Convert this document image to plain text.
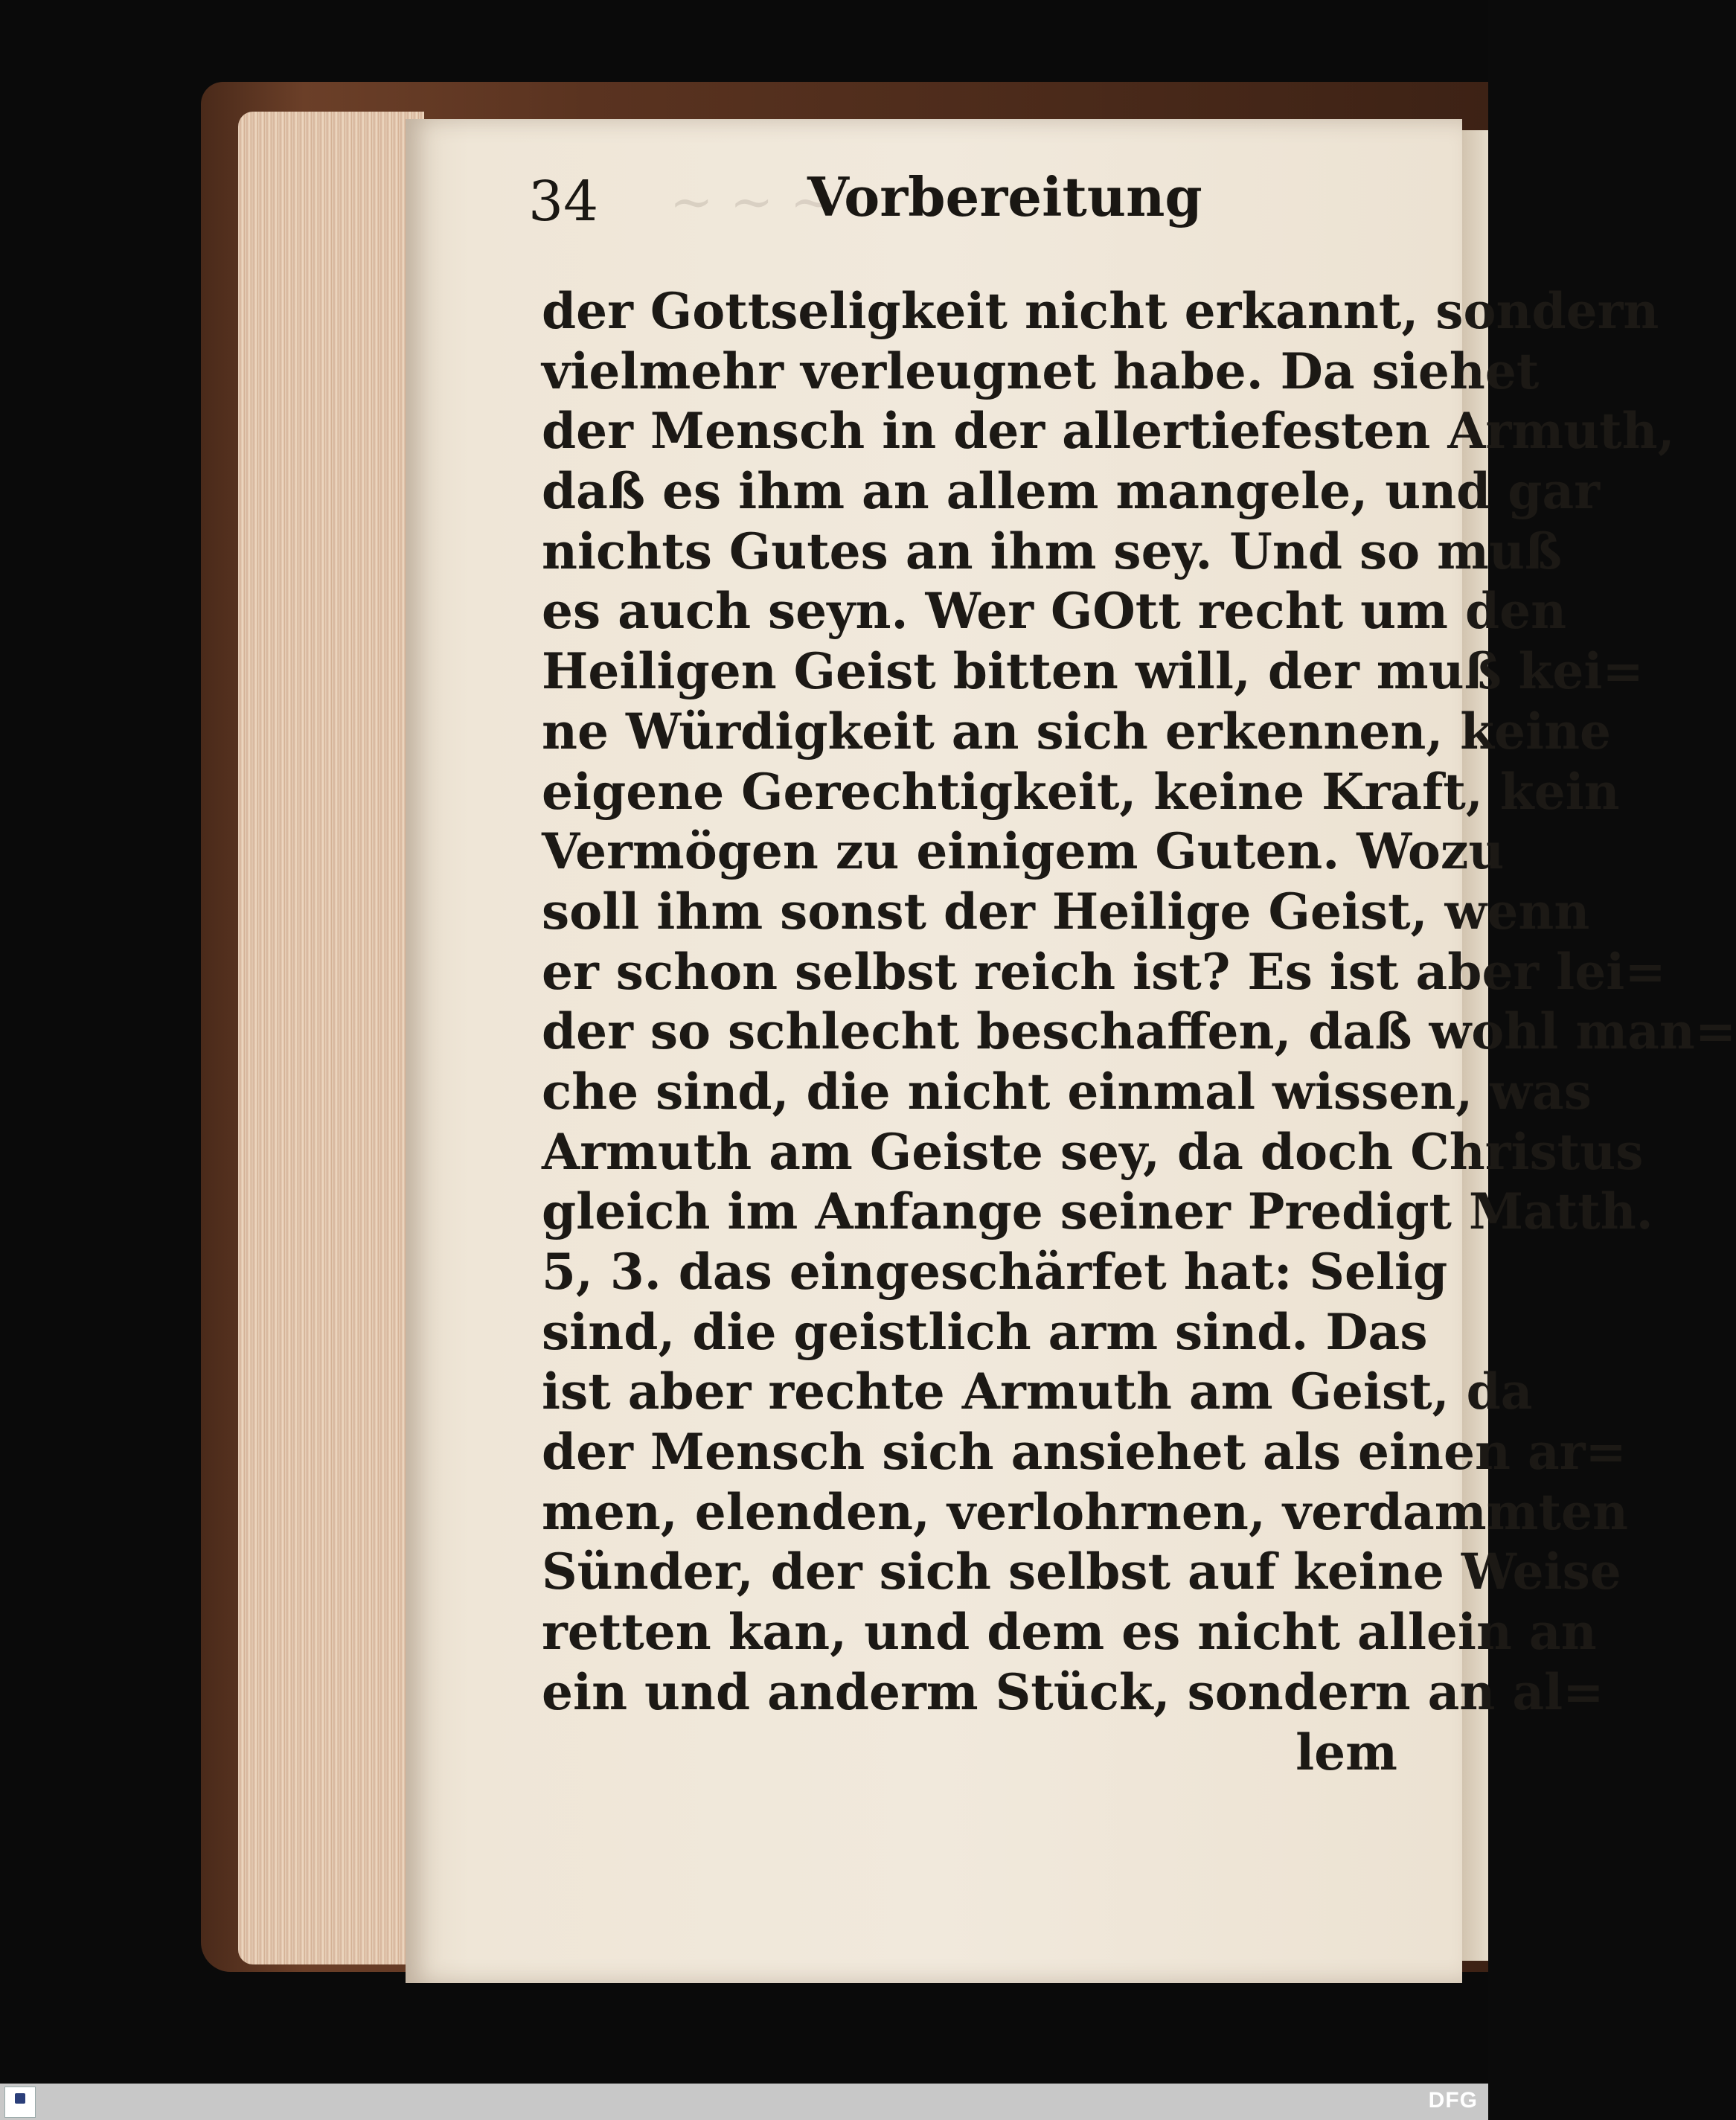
~ ~ ~
34	Vorbereitung
der Gottseligkeit nicht erkannt, sondern
vielmehr verleugnet habe. Da siehet
der Mensch in der allertiefesten Armuth,
daß es ihm an allem mangele, und gar
nichts Gutes an ihm sey. Und so muß
es auch seyn. Wer GOtt recht um den
Heiligen Geist bitten will, der muß kei=
ne Würdigkeit an sich erkennen, keine
eigene Gerechtigkeit, keine Kraft, kein
Vermögen zu einigem Guten. Wozu
soll ihm sonst der Heilige Geist, wenn
er schon selbst reich ist? Es ist aber lei=
der so schlecht beschaffen, daß wohl man=
che sind, die nicht einmal wissen, was
Armuth am Geiste sey, da doch Christus
gleich im Anfange seiner Predigt Matth.
5, 3. das eingeschärfet hat: Selig
sind, die geistlich arm sind. Das
ist aber rechte Armuth am Geist, da
der Mensch sich ansiehet als einen ar=
men, elenden, verlohrnen, verdammten
Sünder, der sich selbst auf keine Weise
retten kan, und dem es nicht allein an
ein und anderm Stück, sondern an al=
lem
DFG
